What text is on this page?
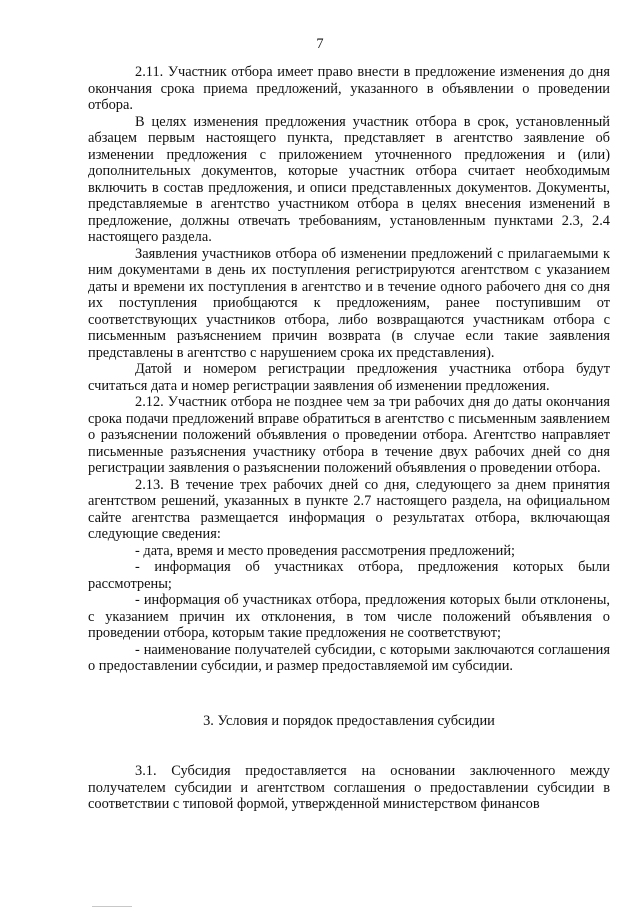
7

2.11. Участник отбора имеет право внести в предложение изменения до дня окончания срока приема предложений, указанного в объявлении о проведении отбора.

В целях изменения предложения участник отбора в срок, установленный абзацем первым настоящего пункта, представляет в агентство заявление об изменении предложения с приложением уточненного предложения и (или) дополнительных документов, которые участник отбора считает необходимым включить в состав предложения, и описи представленных документов. Документы, представляемые в агентство участником отбора в целях внесения изменений в предложение, должны отвечать требованиям, установленным пунктами 2.3, 2.4 настоящего раздела.

Заявления участников отбора об изменении предложений с прилагаемыми к ним документами в день их поступления регистрируются агентством с указанием даты и времени их поступления в агентство и в течение одного рабочего дня со дня их поступления приобщаются к предложениям, ранее поступившим от соответствующих участников отбора, либо возвращаются участникам отбора с письменным разъяснением причин возврата (в случае если такие заявления представлены в агентство с нарушением срока их представления).

Датой и номером регистрации предложения участника отбора будут считаться дата и номер регистрации заявления об изменении предложения.

2.12. Участник отбора не позднее чем за три рабочих дня до даты окончания срока подачи предложений вправе обратиться в агентство с письменным заявлением о разъяснении положений объявления о проведении отбора. Агентство направляет письменные разъяснения участнику отбора в течение двух рабочих дней со дня регистрации заявления о разъяснении положений объявления о проведении отбора.

2.13. В течение трех рабочих дней со дня, следующего за днем принятия агентством решений, указанных в пункте 2.7 настоящего раздела, на официальном сайте агентства размещается информация о результатах отбора, включающая следующие сведения:

- дата, время и место проведения рассмотрения предложений;

- информация об участниках отбора, предложения которых были рассмотрены;

- информация об участниках отбора, предложения которых были отклонены, с указанием причин их отклонения, в том числе положений объявления о проведении отбора, которым такие предложения не соответствуют;

- наименование получателей субсидии, с которыми заключаются соглашения о предоставлении субсидии, и размер предоставляемой им субсидии.

3. Условия и порядок предоставления субсидии

3.1. Субсидия предоставляется на основании заключенного между получателем субсидии и агентством соглашения о предоставлении субсидии в соответствии с типовой формой, утвержденной министерством финансов
